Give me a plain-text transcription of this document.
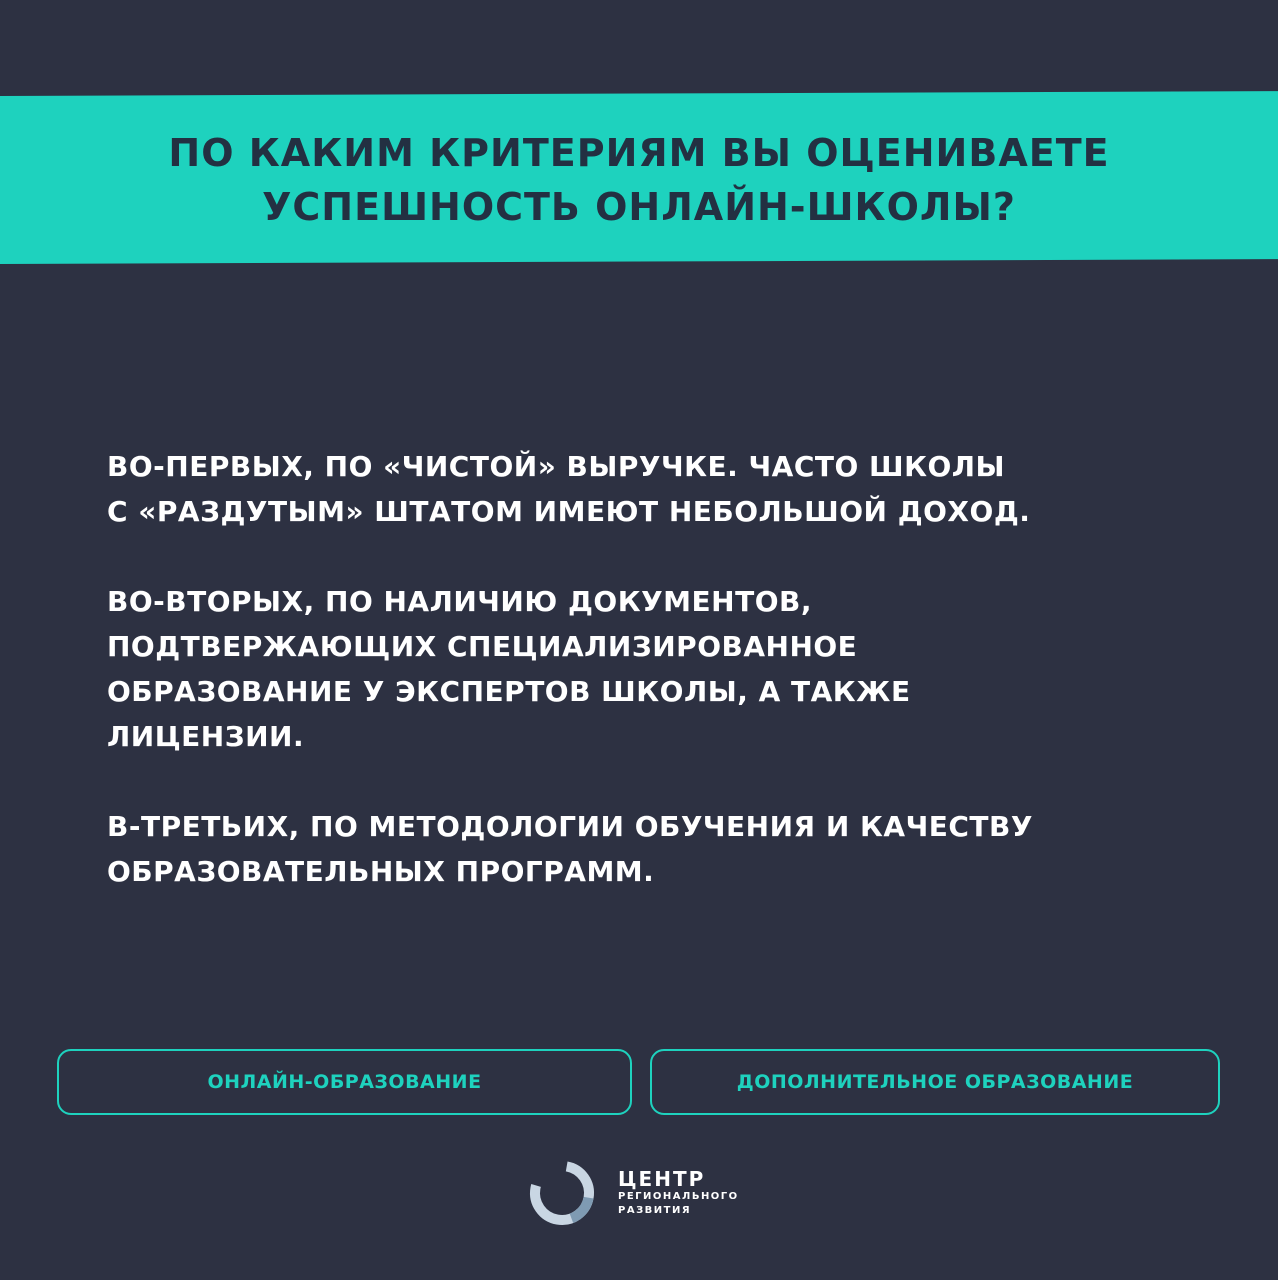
ПО КАКИМ КРИТЕРИЯМ ВЫ ОЦЕНИВАЕТЕ
УСПЕШНОСТЬ ОНЛАЙН-ШКОЛЫ?

ВО-ПЕРВЫХ, ПО «ЧИСТОЙ» ВЫРУЧКЕ. ЧАСТО ШКОЛЫ
С «РАЗДУТЫМ» ШТАТОМ ИМЕЮТ НЕБОЛЬШОЙ ДОХОД.

ВО-ВТОРЫХ, ПО НАЛИЧИЮ ДОКУМЕНТОВ,
ПОДТВЕРЖАЮЩИХ СПЕЦИАЛИЗИРОВАННОЕ
ОБРАЗОВАНИЕ У ЭКСПЕРТОВ ШКОЛЫ, А ТАКЖЕ
ЛИЦЕНЗИИ.

В-ТРЕТЬИХ, ПО МЕТОДОЛОГИИ ОБУЧЕНИЯ И КАЧЕСТВУ
ОБРАЗОВАТЕЛЬНЫХ ПРОГРАММ.

ОНЛАЙН-ОБРАЗОВАНИЕ	ДОПОЛНИТЕЛЬНОЕ ОБРАЗОВАНИЕ
ЦЕНТР
РЕГИОНАЛЬНОГО
РАЗВИТИЯ
